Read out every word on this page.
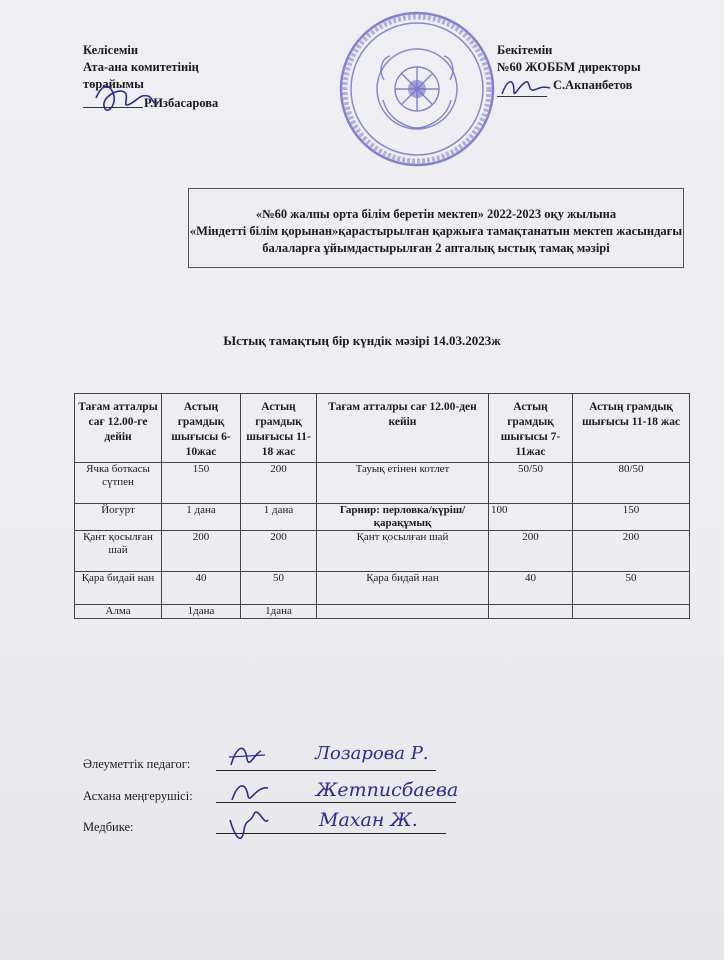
Келісемін
Ата-ана комитетінің
төрайымы
Р.Избасарова
Бекітемін
№60 ЖОББМ директоры
С.Акпанбетов
«№60 жалпы орта білім беретін мектеп» 2022-2023 оқу жылына
«Міндетті білім қорынан»қарастырылған қаржыға тамақтанатын мектеп жасындағы
балаларға ұйымдастырылған 2 апталық ыстық тамақ мәзірі
Ыстық тамақтың бір күндік мәзірі 14.03.2023ж
Тағам атталры сағ 12.00-ге дейін	Астың грамдық шығысы 6-10жас	Астың грамдық шығысы 11-18 жас	Тағам атталры сағ 12.00-ден кейін	Астың грамдық шығысы 7-11жас	Астың грамдық шығысы 11-18 жас
Ячка боткасы сүтпен	150	200	Тауық етінен котлет	50/50	80/50
Йогурт	1 дана	1 дана	Гарнир: перловка/күріш/қарақұмық	100	150
Қант қосылған шай	200	200	Қант қосылған шай	200	200
Қара бидай нан	40	50	Қара бидай нан	40	50
Алма	1дана	1дана			
Әлеуметтік педагог:	Лозарова Р.
Асхана меңгерушісі:	Жетписбаева
Медбике:	Махан Ж.
